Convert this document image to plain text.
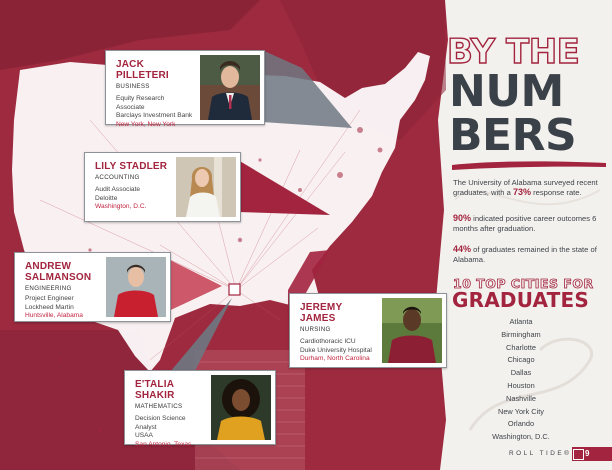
JACK PILLETERI
BUSINESS
Equity Research Associate
Barclays Investment Bank
New York, New York
LILY STADLER
ACCOUNTING
Audit Associate
Deloitte
Washington, D.C.
ANDREW
SALMANSON
ENGINEERING
Project Engineer
Lockheed Martin
Huntsville, Alabama
JEREMY JAMES
NURSING
Cardiothoracic ICU
Duke University Hospital
Durham, North Carolina
E'TALIA SHAKIR
MATHEMATICS
Decision Science Analyst
USAA
San Antonio, Texas
BY THE
NUM
BERS
The University of Alabama surveyed recent graduates, with a 73% response rate.
90% indicated positive career outcomes 6 months after graduation.
44% of graduates remained in the state of Alabama.
10 TOP CITIES FOR
GRADUATES
Atlanta
Birmingham
Charlotte
Chicago
Dallas
Houston
Nashville
New York City
Orlando
Washington, D.C.
ROLL TIDE® 9
